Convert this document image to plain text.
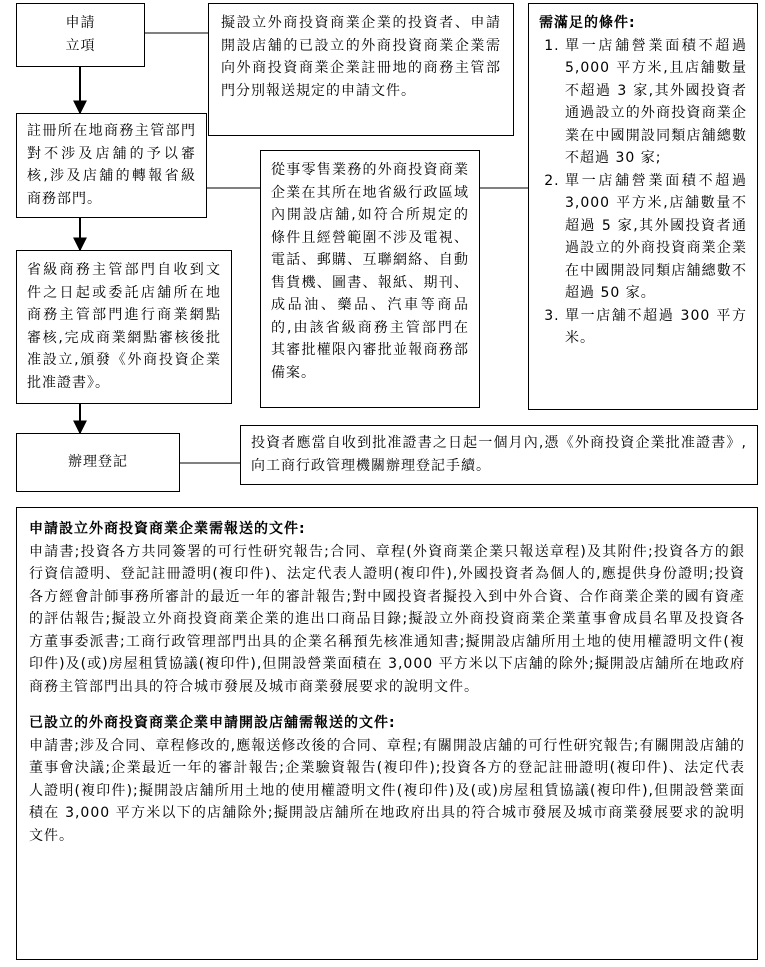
申請
立項
擬設立外商投資商業企業的投資者、申請開設店舖的已設立的外商投資商業企業需向外商投資商業企業註冊地的商務主管部門分別報送規定的申請文件。
需滿足的條件:
1. 單一店舖營業面積不超過5,000 平方米,且店舖數量不超過 3 家,其外國投資者通過設立的外商投資商業企業在中國開設同類店舖總數不超過 30 家;
2. 單一店舖營業面積不超過3,000 平方米,店舖數量不超過 5 家,其外國投資者通過設立的外商投資商業企業在中國開設同類店舖總數不超過 50 家。
3. 單一店舖不超過 300 平方米。
註冊所在地商務主管部門對不涉及店舖的予以審核,涉及店舖的轉報省級商務部門。
從事零售業務的外商投資商業企業在其所在地省級行政區域內開設店舖,如符合所規定的條件且經營範圍不涉及電視、電話、郵購、互聯網絡、自動售貨機、圖書、報紙、期刊、成品油、藥品、汽車等商品的,由該省級商務主管部門在其審批權限內審批並報商務部備案。
省級商務主管部門自收到文件之日起或委託店舖所在地商務主管部門進行商業網點審核,完成商業網點審核後批准設立,頒發《外商投資企業批准證書》。
辦理登記
投資者應當自收到批准證書之日起一個月內,憑《外商投資企業批准證書》,向工商行政管理機關辦理登記手續。

申請設立外商投資商業企業需報送的文件:

申請書;投資各方共同簽署的可行性研究報告;合同、章程(外資商業企業只報送章程)及其附件;投資各方的銀行資信證明、登記註冊證明(複印件)、法定代表人證明(複印件),外國投資者為個人的,應提供身份證明;投資各方經會計師事務所審計的最近一年的審計報告;對中國投資者擬投入到中外合資、合作商業企業的國有資產的評估報告;擬設立外商投資商業企業的進出口商品目錄;擬設立外商投資商業企業董事會成員名單及投資各方董事委派書;工商行政管理部門出具的企業名稱預先核准通知書;擬開設店舖所用土地的使用權證明文件(複印件)及(或)房屋租賃協議(複印件),但開設營業面積在 3,000 平方米以下店舖的除外;擬開設店舖所在地政府商務主管部門出具的符合城市發展及城市商業發展要求的說明文件。

已設立的外商投資商業企業申請開設店舖需報送的文件:

申請書;涉及合同、章程修改的,應報送修改後的合同、章程;有關開設店舖的可行性研究報告;有關開設店舖的董事會決議;企業最近一年的審計報告;企業驗資報告(複印件);投資各方的登記註冊證明(複印件)、法定代表人證明(複印件);擬開設店舖所用土地的使用權證明文件(複印件)及(或)房屋租賃協議(複印件),但開設營業面積在 3,000 平方米以下的店舖除外;擬開設店舖所在地政府出具的符合城市發展及城市商業發展要求的說明文件。
